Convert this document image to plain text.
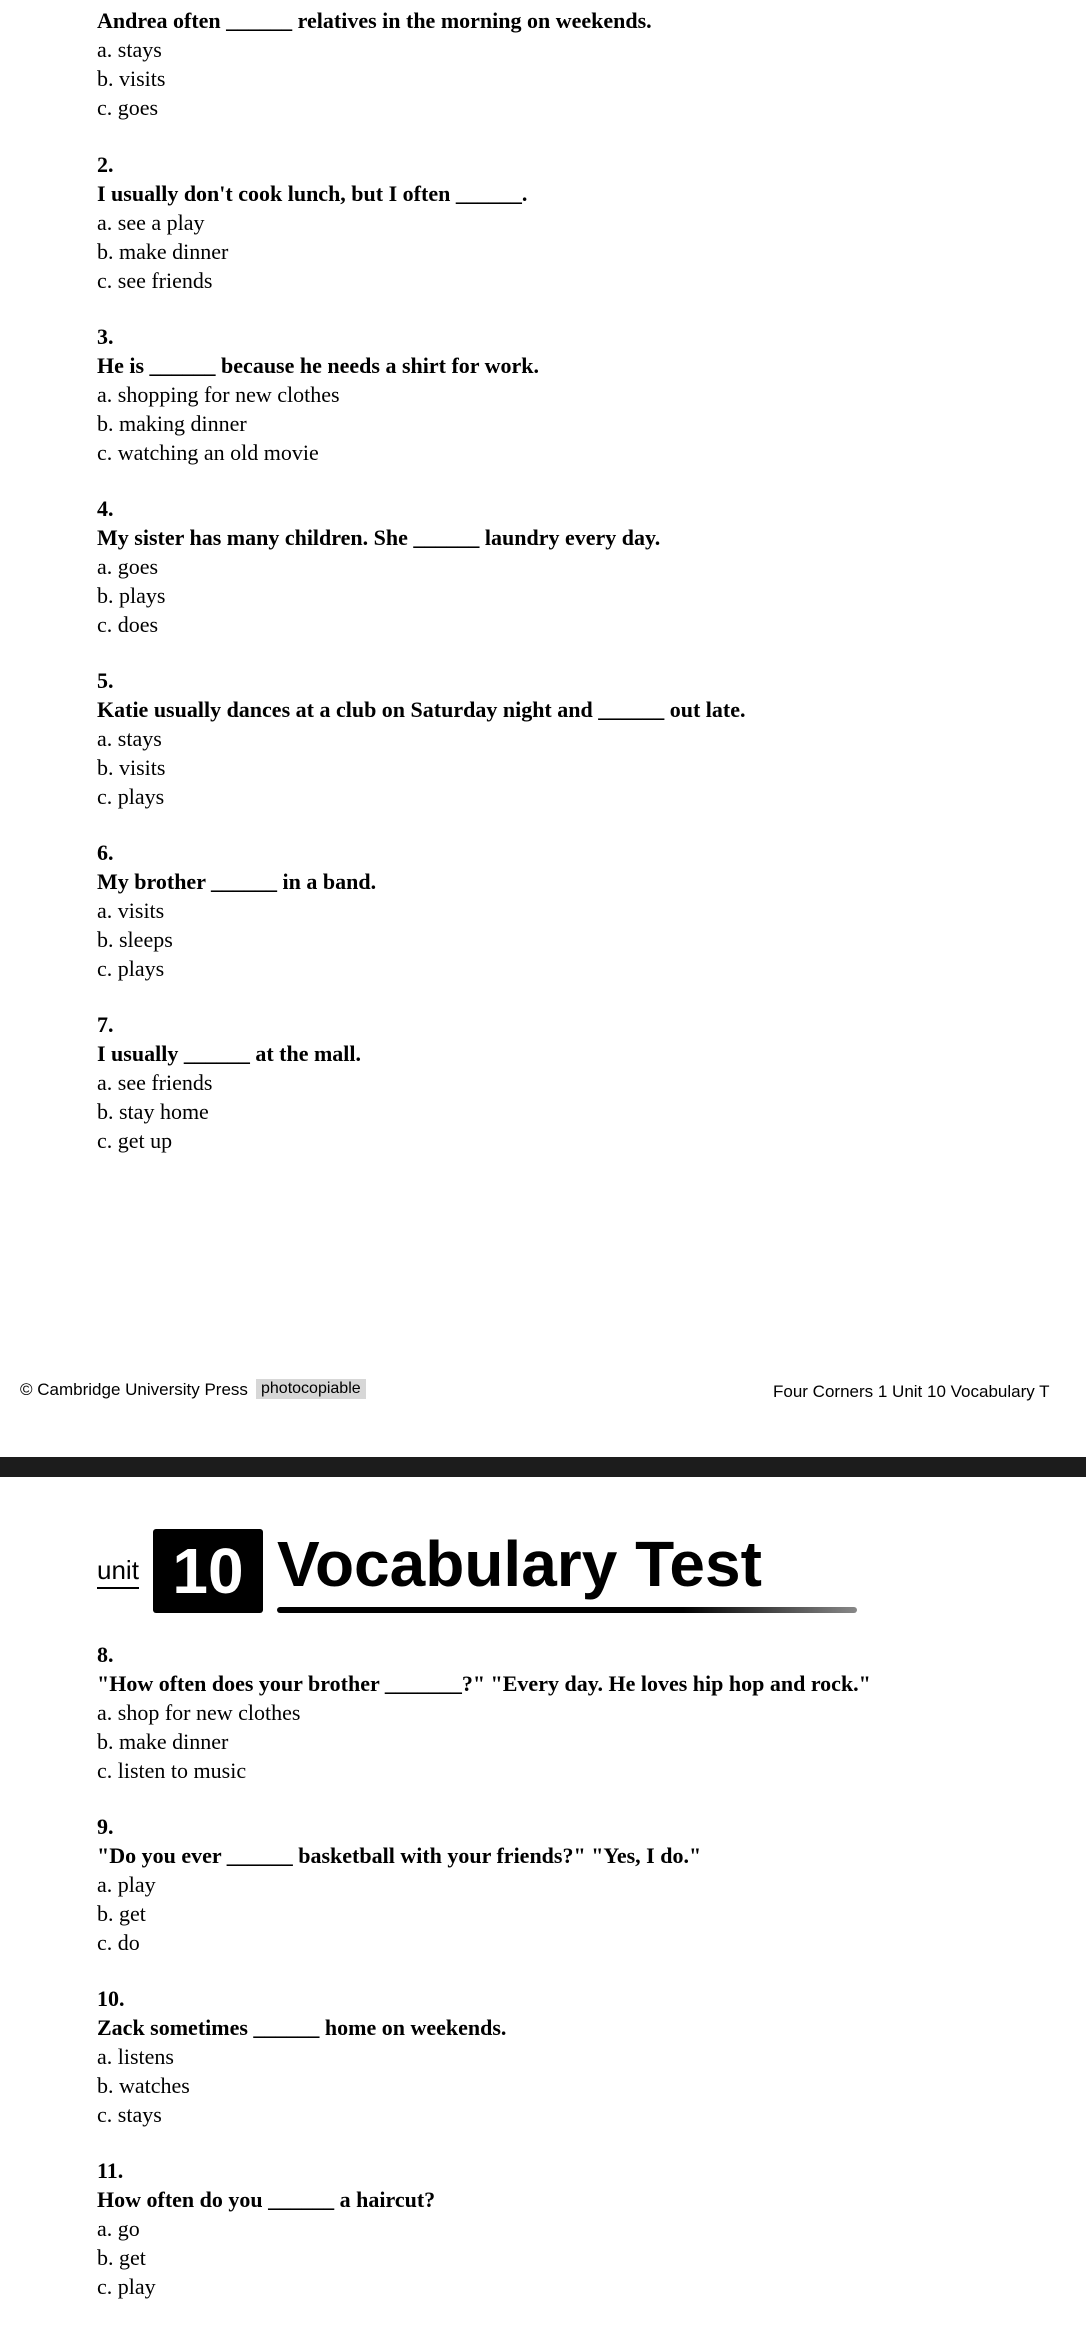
Andrea often ______ relatives in the morning on weekends.
a. stays
b. visits
c. goes
2.
I usually don't cook lunch, but I often ______.
a. see a play
b. make dinner
c. see friends
3.
He is ______ because he needs a shirt for work.
a. shopping for new clothes
b. making dinner
c. watching an old movie
4.
My sister has many children. She ______ laundry every day.
a. goes
b. plays
c. does
5.
Katie usually dances at a club on Saturday night and ______ out late.
a. stays
b. visits
c. plays
6.
My brother ______ in a band.
a. visits
b. sleeps
c. plays
7.
I usually ______ at the mall.
a. see friends
b. stay home
c. get up
© Cambridge University Press photocopiable	Four Corners 1 Unit 10 Vocabulary T
unit 10 Vocabulary Test
8.
"How often does your brother _______?" "Every day. He loves hip hop and rock."
a. shop for new clothes
b. make dinner
c. listen to music
9.
"Do you ever ______ basketball with your friends?" "Yes, I do."
a. play
b. get
c. do
10.
Zack sometimes ______ home on weekends.
a. listens
b. watches
c. stays
11.
How often do you ______ a haircut?
a. go
b. get
c. play
